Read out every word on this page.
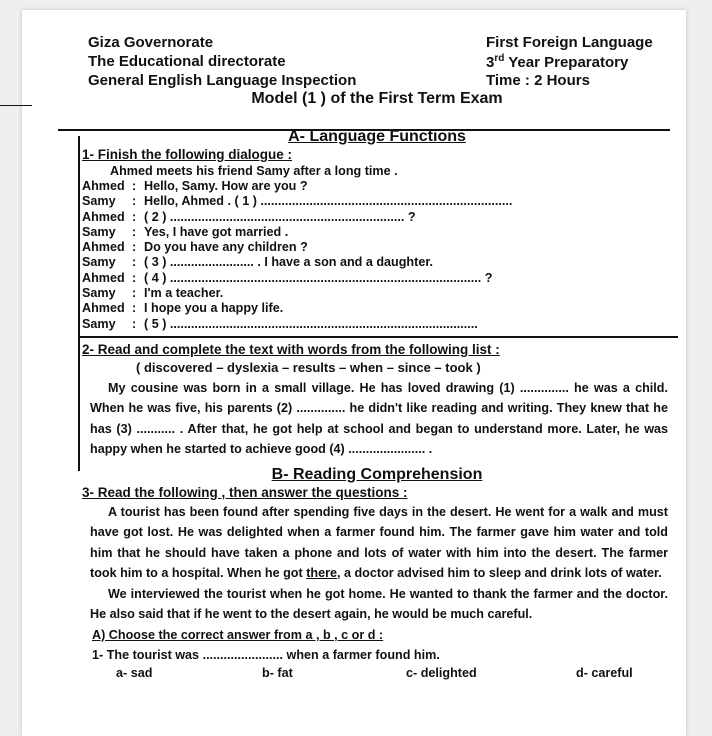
Giza Governorate	First Foreign Language
The Educational directorate	3rd Year Preparatory
General English Language Inspection	Time : 2 Hours
Model (1 ) of the First Term Exam
A- Language Functions
1- Finish the following dialogue :
Ahmed meets his friend Samy after a long time .
Ahmed : Hello, Samy. How are you ?
Samy : Hello, Ahmed . ( 1 ) ........................................................................
Ahmed : ( 2 ) ................................................................... ?
Samy : Yes, I have got married .
Ahmed : Do you have any children ?
Samy : ( 3 ) ........................ . I have a son and a daughter.
Ahmed : ( 4 ) ......................................................................................... ?
Samy : I'm a teacher.
Ahmed : I hope you a happy life.
Samy : ( 5 ) ........................................................................................
2- Read and complete the text with words from the following list :
( discovered – dyslexia – results – when – since – took )
My cousine was born in a small village. He has loved drawing (1) .............. he was a child. When he was five, his parents (2) .............. he didn't like reading and writing. They knew that he has (3) ........... . After that, he got help at school and began to understand more. Later, he was happy when he started to achieve good (4) ...................... .
B- Reading Comprehension
3- Read the following , then answer the questions :
A tourist has been found after spending five days in the desert. He went for a walk and must have got lost. He was delighted when a farmer found him. The farmer gave him water and told him that he should have taken a phone and lots of water with him into the desert. The farmer took him to a hospital. When he got there, a doctor advised him to sleep and drink lots of water.
We interviewed the tourist when he got home. He wanted to thank the farmer and the doctor. He also said that if he went to the desert again, he would be much careful.
A) Choose the correct answer from a , b , c or d :
1- The tourist was ....................... when a farmer found him.
a- sad	b- fat	c- delighted	d- careful
